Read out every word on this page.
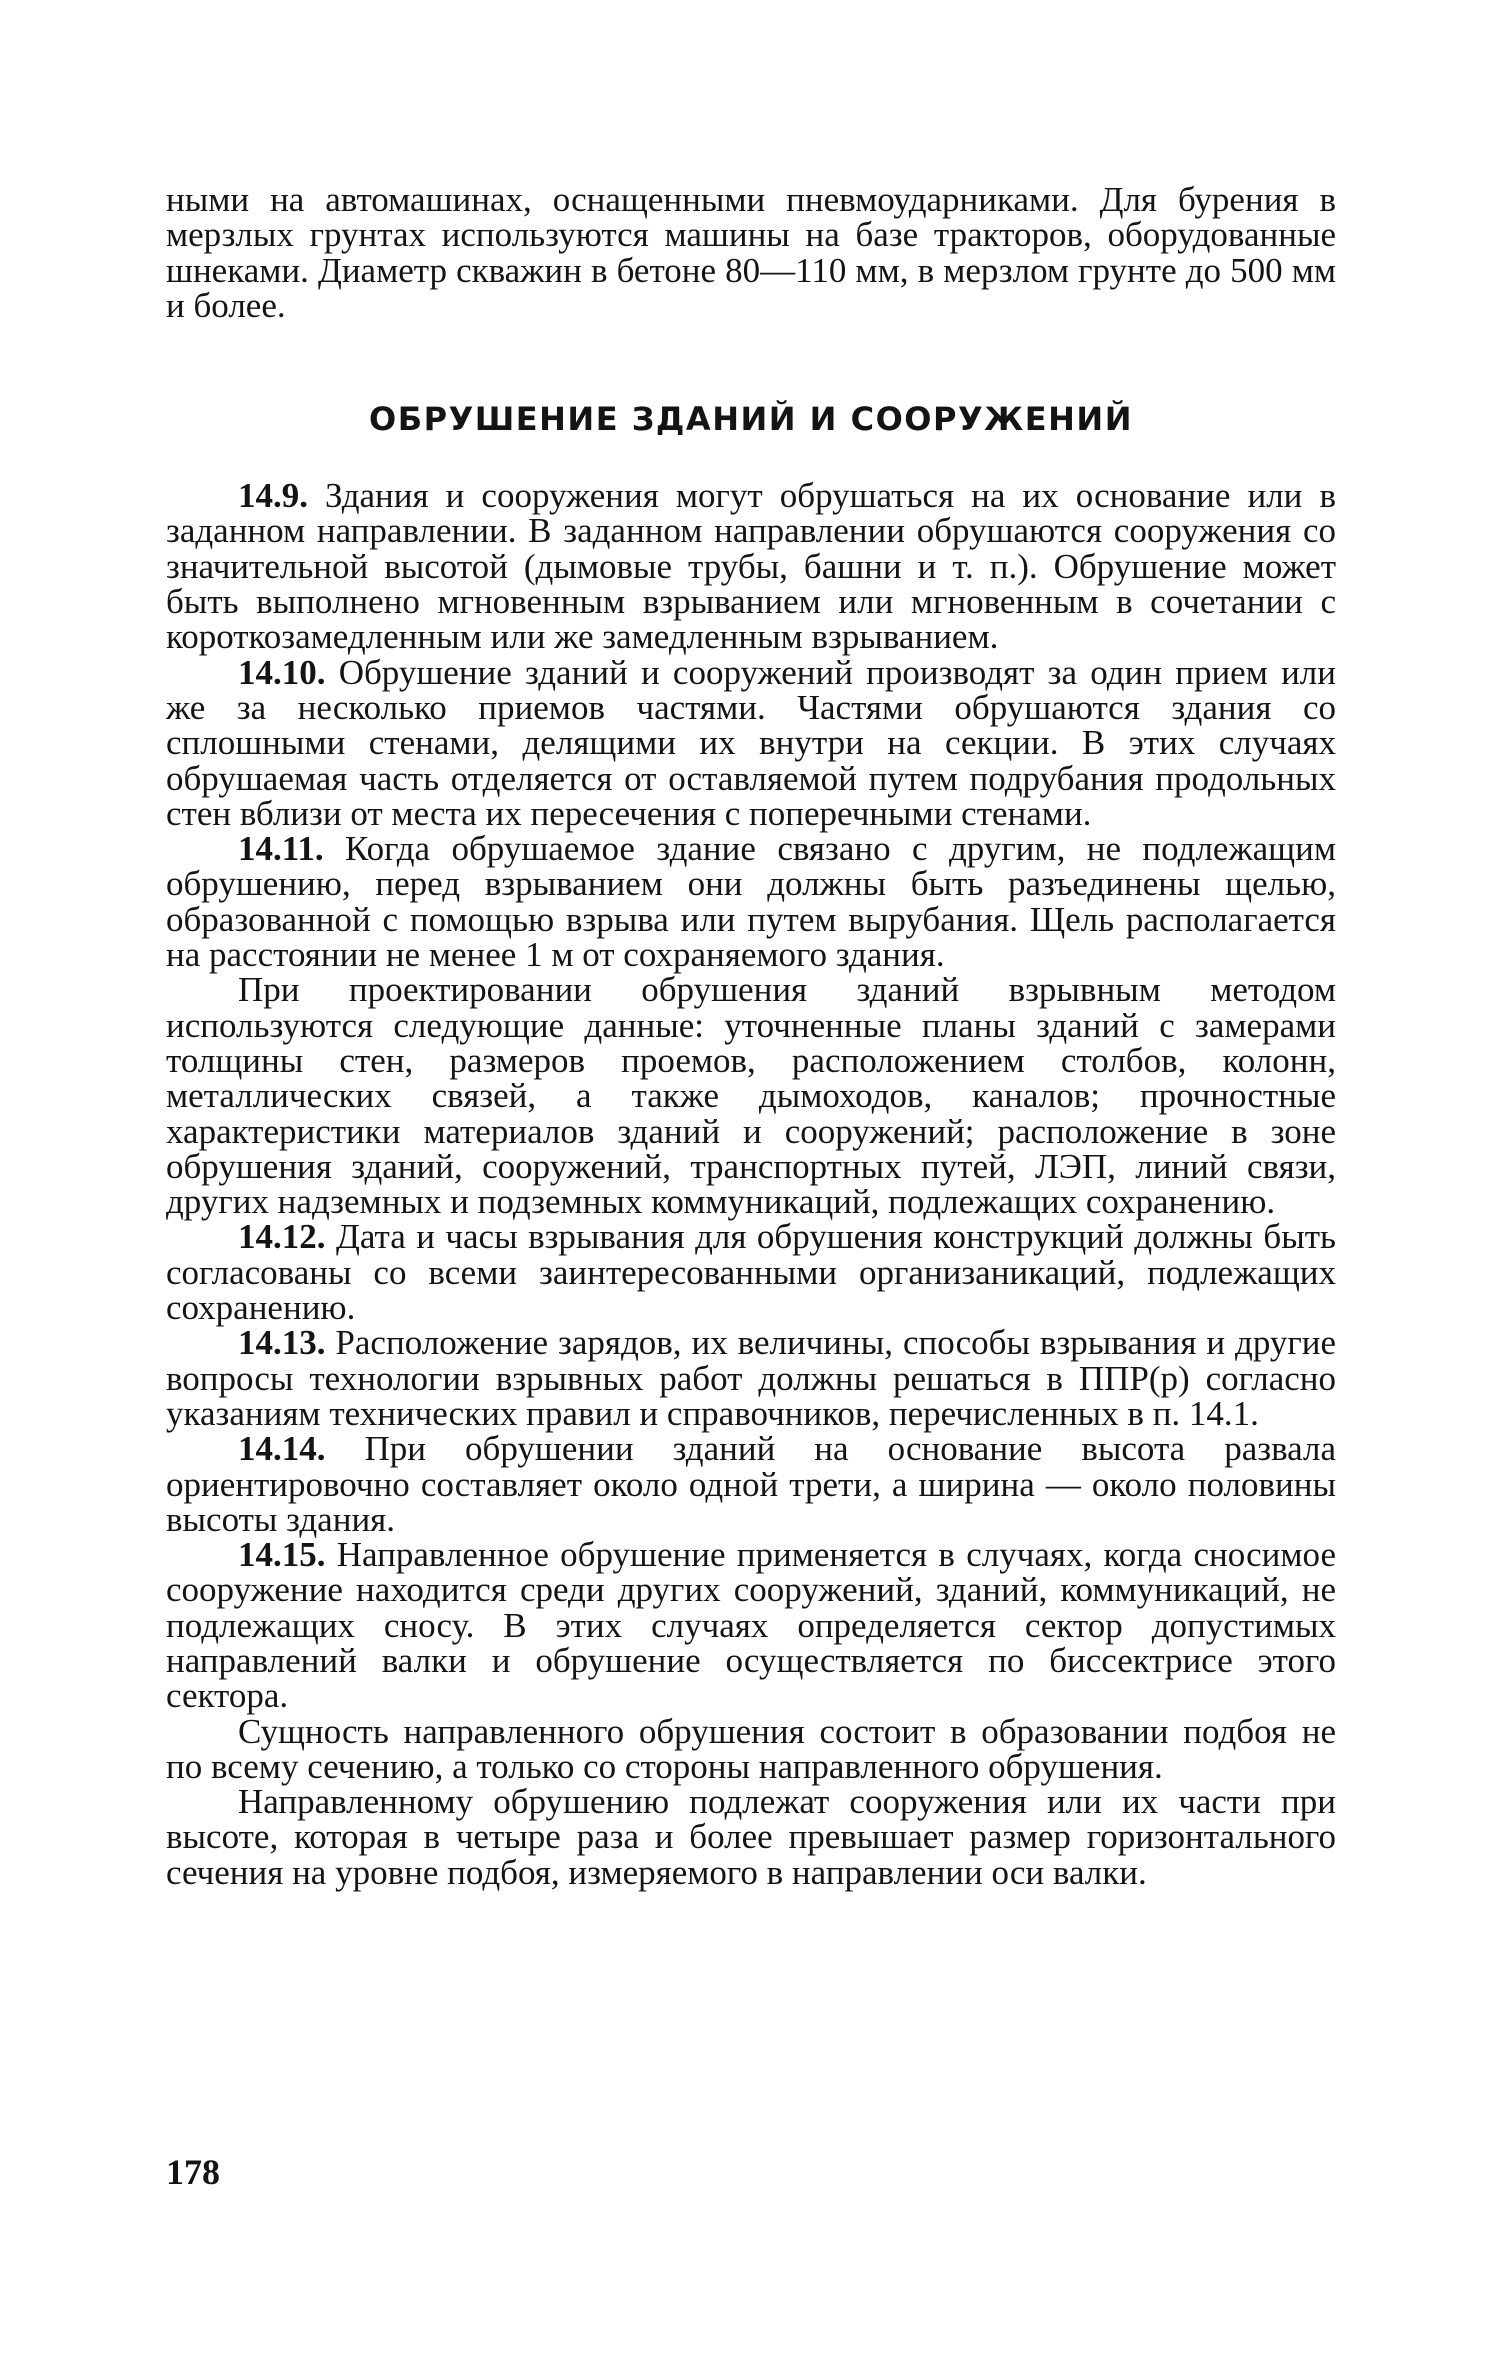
ными на автомашинах, оснащенными пневмоударниками. Для бурения в мерзлых грунтах используются машины на базе тракторов, оборудованные шнеками. Диаметр скважин в бетоне 80—110 мм, в мерзлом грунте до 500 мм и более.

ОБРУШЕНИЕ ЗДАНИЙ И СООРУЖЕНИЙ

14.9. Здания и сооружения могут обрушаться на их основание или в заданном направлении. В заданном направлении обрушаются сооружения со значительной высотой (дымовые трубы, башни и т. п.). Обрушение может быть выполнено мгновенным взрыванием или мгновенным в сочетании с короткозамедленным или же замедленным взрыванием.

14.10. Обрушение зданий и сооружений производят за один прием или же за несколько приемов частями. Частями обрушаются здания со сплошными стенами, делящими их внутри на секции. В этих случаях обрушаемая часть отделяется от оставляемой путем подрубания продольных стен вблизи от места их пересечения с поперечными стенами.

14.11. Когда обрушаемое здание связано с другим, не подлежащим обрушению, перед взрыванием они должны быть разъединены щелью, образованной с помощью взрыва или путем вырубания. Щель располагается на расстоянии не менее 1 м от сохраняемого здания.

При проектировании обрушения зданий взрывным методом используются следующие данные: уточненные планы зданий с замерами толщины стен, размеров проемов, расположением столбов, колонн, металлических связей, а также дымоходов, каналов; прочностные характеристики материалов зданий и сооружений; расположение в зоне обрушения зданий, сооружений, транспортных путей, ЛЭП, линий связи, других надземных и подземных коммуникаций, подлежащих сохранению.

14.12. Дата и часы взрывания для обрушения конструкций должны быть согласованы со всеми заинтересованными организаникаций, подлежащих сохранению.

14.13. Расположение зарядов, их величины, способы взрывания и другие вопросы технологии взрывных работ должны решаться в ППР(р) согласно указаниям технических правил и справочников, перечисленных в п. 14.1.

14.14. При обрушении зданий на основание высота развала ориентировочно составляет около одной трети, а ширина — около половины высоты здания.

14.15. Направленное обрушение применяется в случаях, когда сносимое сооружение находится среди других сооружений, зданий, коммуникаций, не подлежащих сносу. В этих случаях определяется сектор допустимых направлений валки и обрушение осуществляется по биссектрисе этого сектора.

Сущность направленного обрушения состоит в образовании подбоя не по всему сечению, а только со стороны направленного обрушения.

Направленному обрушению подлежат сооружения или их части при высоте, которая в четыре раза и более превышает размер горизонтального сечения на уровне подбоя, измеряемого в направлении оси валки.

178
